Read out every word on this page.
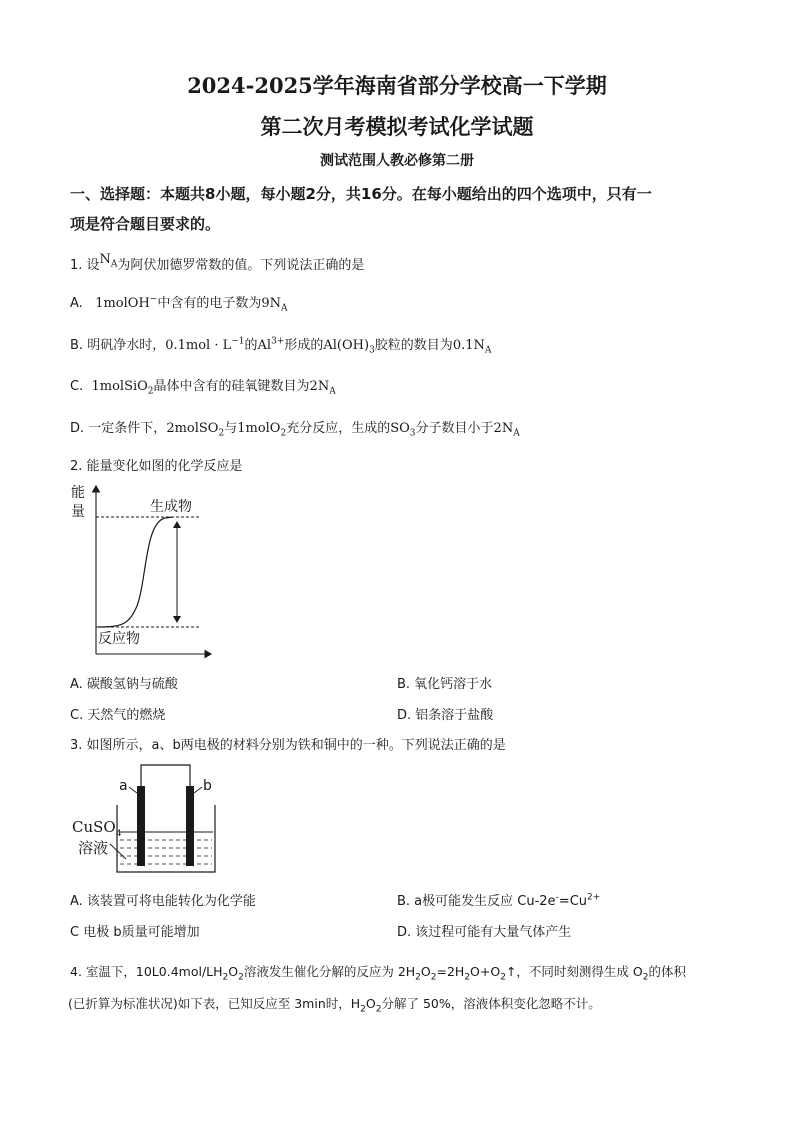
2024-2025学年海南省部分学校高一下学期
第二次月考模拟考试化学试题
测试范围人教必修第二册
一、选择题：本题共8小题，每小题2分，共16分。在每小题给出的四个选项中，只有一
项是符合题目要求的。
1. 设$N_A$为阿伏加德罗常数的值。下列说法正确的是
A. 1molOH−中含有的电子数为$9N_A$
B. 明矾净水时，$0.1mol \cdot L^{-1}$的$Al^{3+}$形成的$Al(OH)_3$胶粒的数目为$0.1N_A$
C. 1molSiO$_2$晶体中含有的硅氧键数目为$2N_A$
D. 一定条件下，2molSO$_2$与1molO$_2$充分反应，生成的$SO_3$分子数目小于$2N_A$
2. 能量变化如图的化学反应是
能
量	生成物
反应物
A. 碳酸氢钠与硫酸	B. 氧化钙溶于水
C. 天然气的燃烧	D. 铝条溶于盐酸
3. 如图所示，a、b两电极的材料分别为铁和铜中的一种。下列说法正确的是
a	b
CuSO$_4$
溶液
A. 该装置可将电能转化为化学能	B. a极可能发生反应 $Cu-2e^-=Cu^{2+}$
C 电极 b质量可能增加	D. 该过程可能有大量气体产生
4. 室温下，$10L0.4mol/LH_2O_2$溶液发生催化分解的反应为 $2H_2O_2=2H_2O+O_2↑$，不同时刻测得生成 $O_2$的体积
(已折算为标准状况)如下表，已知反应至 3min时，$H_2O_2$分解了 50%，溶液体积变化忽略不计。
